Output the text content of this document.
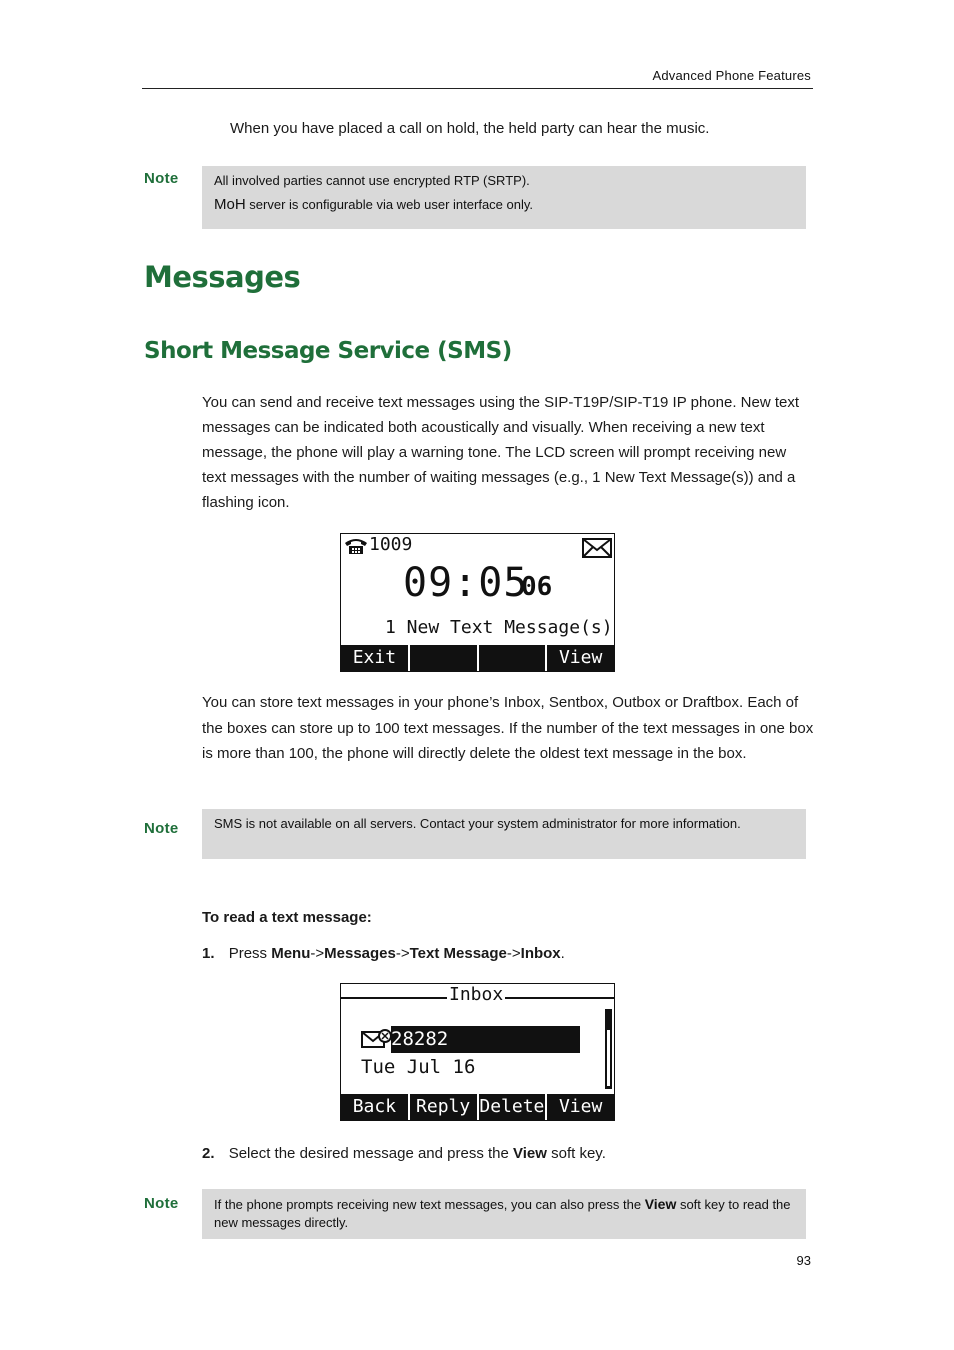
Advanced Phone Features
When you have placed a call on hold, the held party can hear the music.
Note	All involved parties cannot use encrypted RTP (SRTP).
MoH server is configurable via web user interface only.
Messages
Short Message Service (SMS)
You can send and receive text messages using the SIP-T19P/SIP-T19 IP phone. New text messages can be indicated both acoustically and visually. When receiving a new text message, the phone will play a warning tone. The LCD screen will prompt receiving new text messages with the number of waiting messages (e.g., 1 New Text Message(s)) and a flashing icon.
1009
09:05
06
1 New Text Message(s)
Exit	View
You can store text messages in your phone’s Inbox, Sentbox, Outbox or Draftbox. Each of the boxes can store up to 100 text messages. If the number of the text messages in one box is more than 100, the phone will directly delete the oldest text message in the box.
Note	SMS is not available on all servers. Contact your system administrator for more information.
To read a text message:
1. Press Menu->Messages->Text Message->Inbox.
Inbox
28282
Tue Jul 16
Back	Reply Delete View
2. Select the desired message and press the View soft key.
Note	If the phone prompts receiving new text messages, you can also press the View soft key to read the new messages directly.
93
